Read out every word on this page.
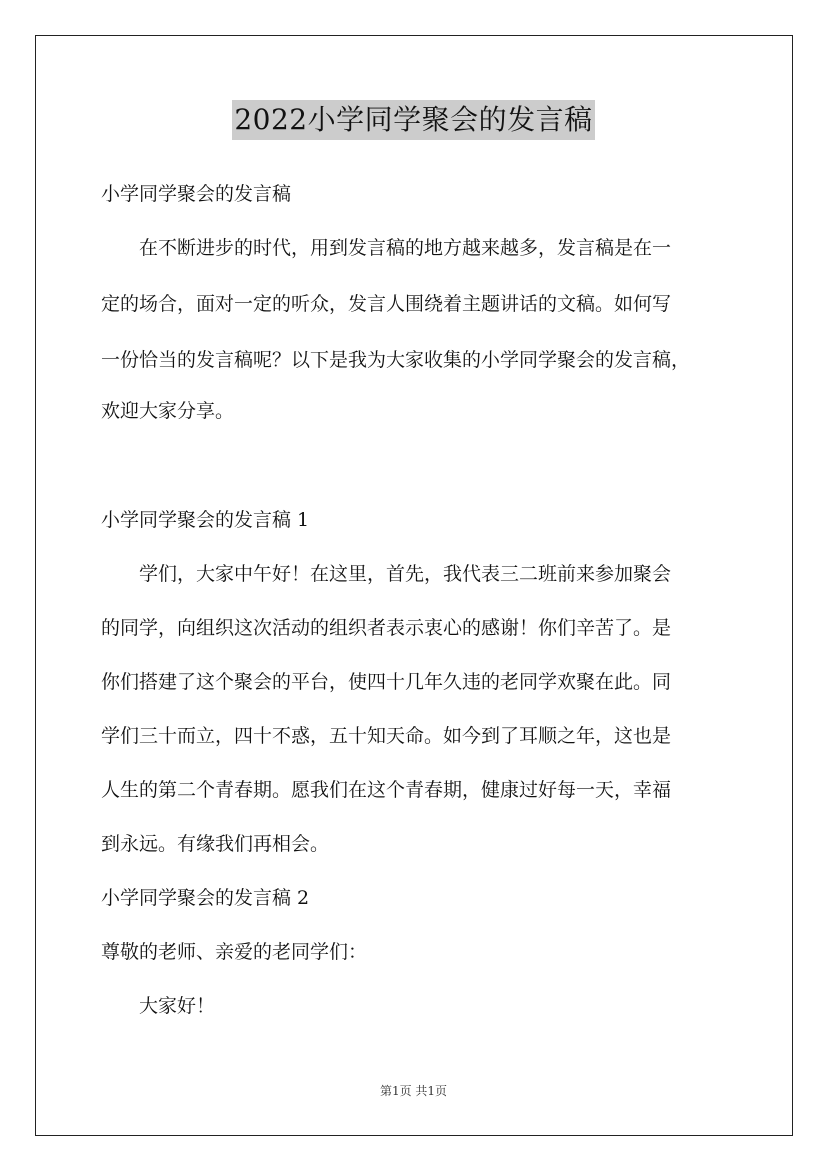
2022小学同学聚会的发言稿

小学同学聚会的发言稿

在不断进步的时代，用到发言稿的地方越来越多，发言稿是在一

定的场合，面对一定的听众，发言人围绕着主题讲话的文稿。如何写

一份恰当的发言稿呢？以下是我为大家收集的小学同学聚会的发言稿，

欢迎大家分享。

小学同学聚会的发言稿 1

学们，大家中午好！在这里，首先，我代表三二班前来参加聚会

的同学，向组织这次活动的组织者表示衷心的感谢！你们辛苦了。是

你们搭建了这个聚会的平台，使四十几年久违的老同学欢聚在此。同

学们三十而立，四十不惑，五十知天命。如今到了耳顺之年，这也是

人生的第二个青春期。愿我们在这个青春期，健康过好每一天，幸福

到永远。有缘我们再相会。

小学同学聚会的发言稿 2

尊敬的老师、亲爱的老同学们：

大家好！

第1页 共1页
